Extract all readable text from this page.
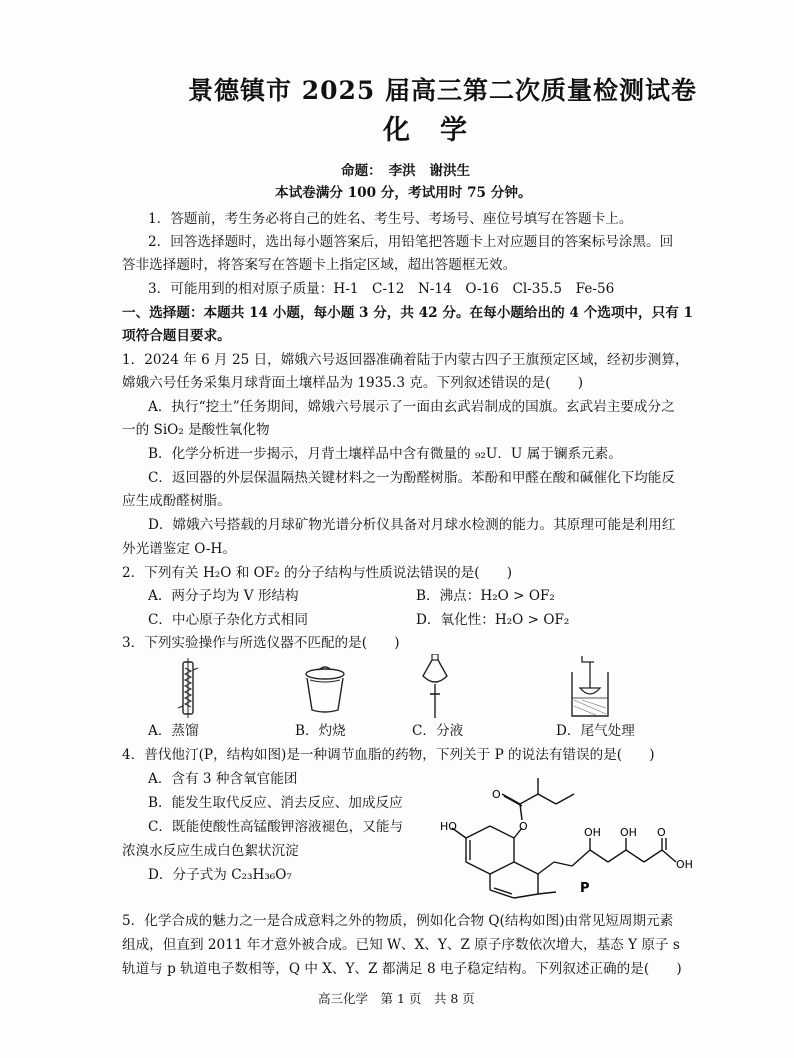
景德镇市 2025 届高三第二次质量检测试卷
化学
命题：　李洪　谢洪生
本试卷满分 100 分，考试用时 75 分钟。
1．答题前，考生务必将自己的姓名、考生号、考场号、座位号填写在答题卡上。
2．回答选择题时，选出每小题答案后，用铅笔把答题卡上对应题目的答案标号涂黑。回
答非选择题时，将答案写在答题卡上指定区域，超出答题框无效。
3．可能用到的相对原子质量：H-1　C-12　N-14　O-16　Cl-35.5　Fe-56
一、选择题：本题共 14 小题，每小题 3 分，共 42 分。在每小题给出的 4 个选项中，只有 1
项符合题目要求。
1．2024 年 6 月 25 日，嫦娥六号返回器准确着陆于内蒙古四子王旗预定区域，经初步测算，
嫦娥六号任务采集月球背面土壤样品为 1935.3 克。下列叙述错误的是(　　)
A．执行“挖土”任务期间，嫦娥六号展示了一面由玄武岩制成的国旗。玄武岩主要成分之
一的 SiO₂ 是酸性氧化物
B．化学分析进一步揭示，月背土壤样品中含有微量的 ₉₂U．U 属于镧系元素。
C．返回器的外层保温隔热关键材料之一为酚醛树脂。苯酚和甲醛在酸和碱催化下均能反
应生成酚醛树脂。
D．嫦娥六号搭载的月球矿物光谱分析仪具备对月球水检测的能力。其原理可能是利用红
外光谱鉴定 O-H。
2．下列有关 H₂O 和 OF₂ 的分子结构与性质说法错误的是(　　)
A．两分子均为 V 形结构	B．沸点：H₂O > OF₂
C．中心原子杂化方式相同	D．氧化性：H₂O > OF₂
3．下列实验操作与所选仪器不匹配的是(　　)
A．蒸馏	B．灼烧	C．分液	D．尾气处理
4．普伐他汀(P，结构如图)是一种调节血脂的药物，下列关于 P 的说法有错误的是(　　)
A．含有 3 种含氧官能团
B．能发生取代反应、消去反应、加成反应
C．既能使酸性高锰酸钾溶液褪色，又能与
浓溴水反应生成白色絮状沉淀
D．分子式为 C₂₃H₃₆O₇
HO
O
O	OH OH O
OH
P
5．化学合成的魅力之一是合成意料之外的物质，例如化合物 Q(结构如图)由常见短周期元素
组成，但直到 2011 年才意外被合成。已知 W、X、Y、Z 原子序数依次增大，基态 Y 原子 s
轨道与 p 轨道电子数相等，Q 中 X、Y、Z 都满足 8 电子稳定结构。下列叙述正确的是(　　)
高三化学　第 1 页　共 8 页
